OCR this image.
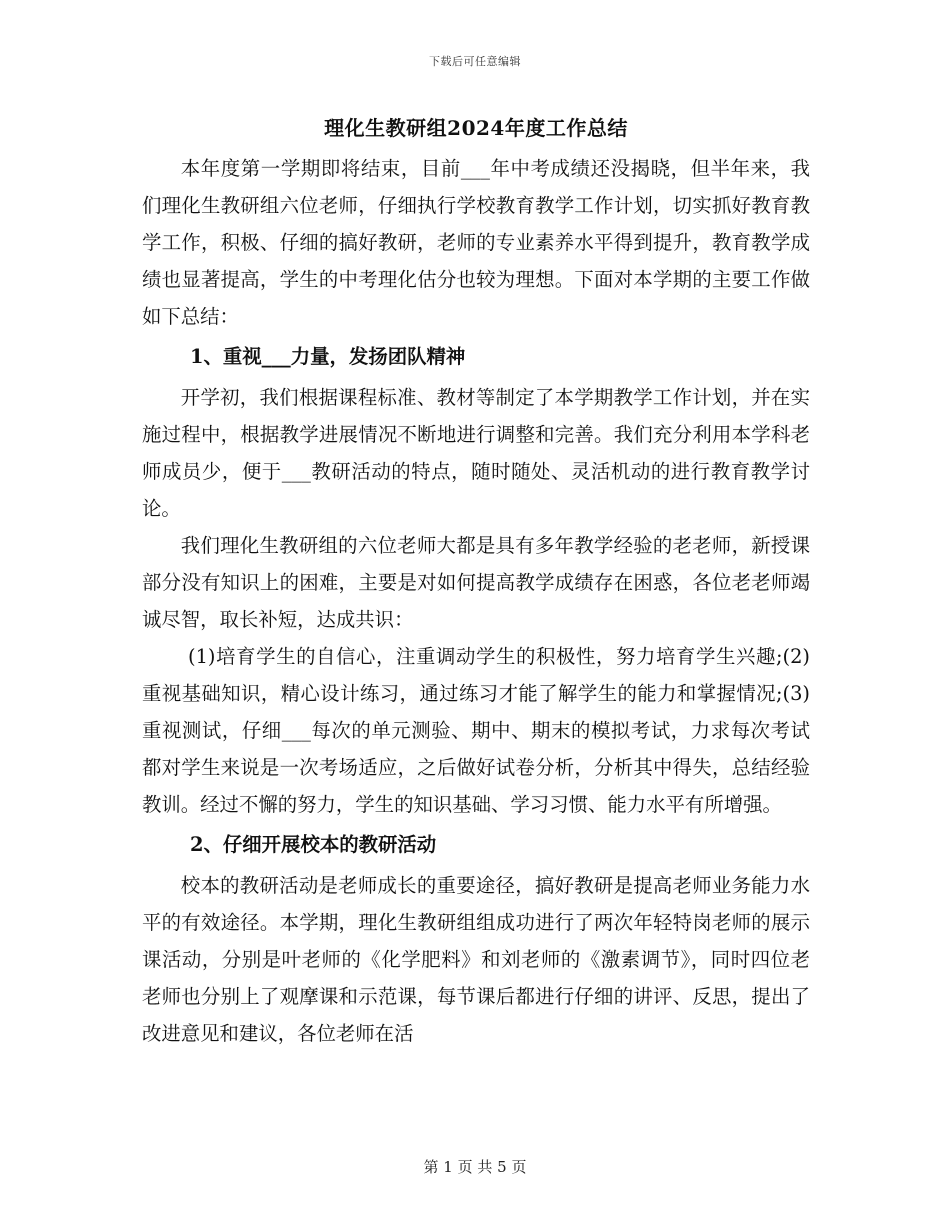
下载后可任意编辑
理化生教研组2024年度工作总结

本年度第一学期即将结束，目前___年中考成绩还没揭晓，但半年来，我们理化生教研组六位老师，仔细执行学校教育教学工作计划，切实抓好教育教学工作，积极、仔细的搞好教研，老师的专业素养水平得到提升，教育教学成绩也显著提高，学生的中考理化估分也较为理想。下面对本学期的主要工作做如下总结：

1、重视___力量，发扬团队精神

开学初，我们根据课程标准、教材等制定了本学期教学工作计划，并在实施过程中，根据教学进展情况不断地进行调整和完善。我们充分利用本学科老师成员少，便于___教研活动的特点，随时随处、灵活机动的进行教育教学讨论。

我们理化生教研组的六位老师大都是具有多年教学经验的老老师，新授课部分没有知识上的困难，主要是对如何提高教学成绩存在困惑，各位老老师竭诚尽智，取长补短，达成共识：

(1)培育学生的自信心，注重调动学生的积极性，努力培育学生兴趣;(2)重视基础知识，精心设计练习，通过练习才能了解学生的能力和掌握情况;(3)重视测试，仔细___每次的单元测验、期中、期末的模拟考试，力求每次考试都对学生来说是一次考场适应，之后做好试卷分析，分析其中得失，总结经验教训。经过不懈的努力，学生的知识基础、学习习惯、能力水平有所增强。

2、仔细开展校本的教研活动

校本的教研活动是老师成长的重要途径，搞好教研是提高老师业务能力水平的有效途径。本学期，理化生教研组组成功进行了两次年轻特岗老师的展示课活动，分别是叶老师的《化学肥料》和刘老师的《激素调节》，同时四位老老师也分别上了观摩课和示范课，每节课后都进行仔细的讲评、反思，提出了改进意见和建议，各位老师在活

第 1 页 共 5 页
